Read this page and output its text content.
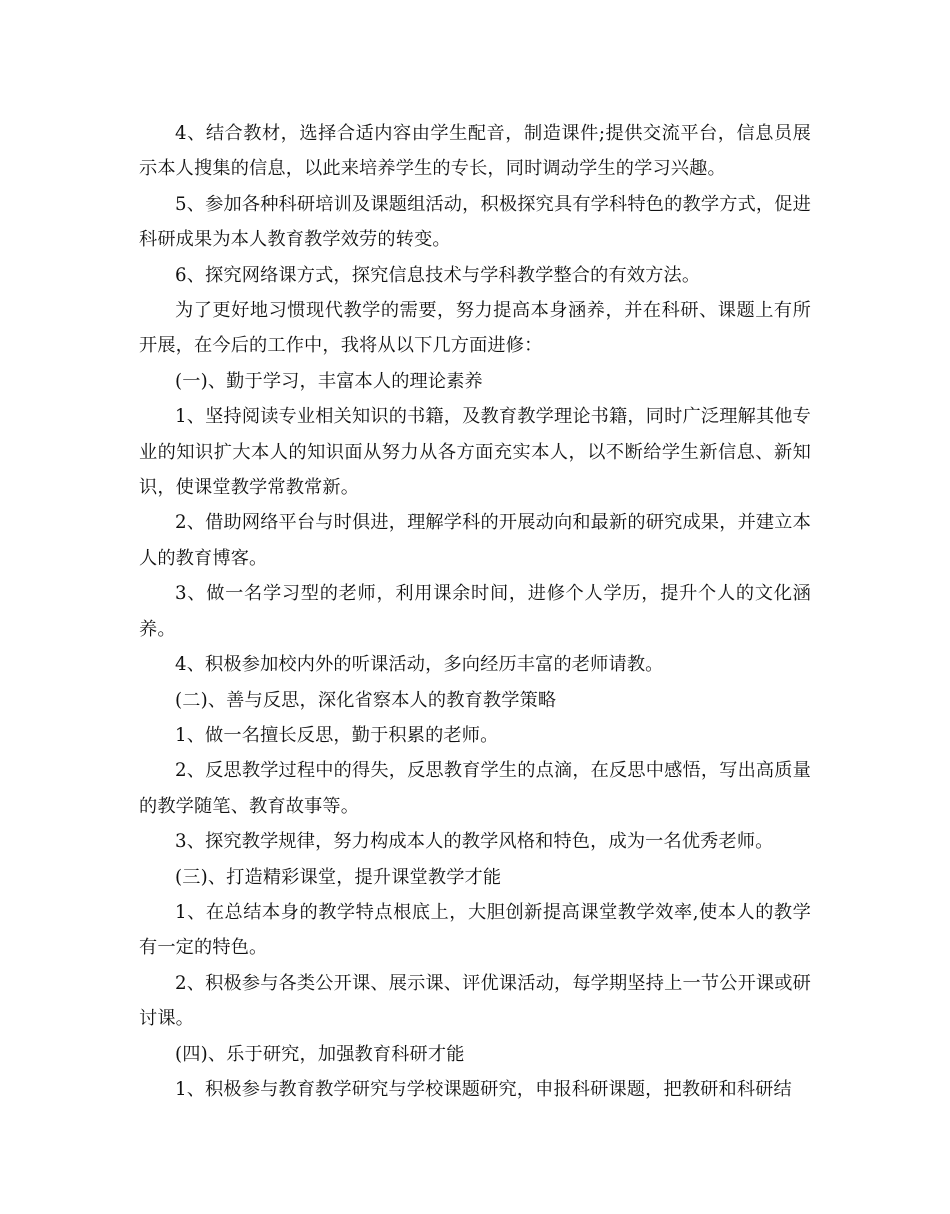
4、结合教材，选择合适内容由学生配音，制造课件;提供交流平台，信息员展示本人搜集的信息，以此来培养学生的专长，同时调动学生的学习兴趣。

5、参加各种科研培训及课题组活动，积极探究具有学科特色的教学方式，促进科研成果为本人教育教学效劳的转变。

6、探究网络课方式，探究信息技术与学科教学整合的有效方法。

为了更好地习惯现代教学的需要，努力提高本身涵养，并在科研、课题上有所开展，在今后的工作中，我将从以下几方面进修：

(一)、勤于学习，丰富本人的理论素养

1、坚持阅读专业相关知识的书籍，及教育教学理论书籍，同时广泛理解其他专业的知识扩大本人的知识面从努力从各方面充实本人，以不断给学生新信息、新知识，使课堂教学常教常新。

2、借助网络平台与时俱进，理解学科的开展动向和最新的研究成果，并建立本人的教育博客。

3、做一名学习型的老师，利用课余时间，进修个人学历，提升个人的文化涵养。

4、积极参加校内外的听课活动，多向经历丰富的老师请教。

(二)、善与反思，深化省察本人的教育教学策略

1、做一名擅长反思，勤于积累的老师。

2、反思教学过程中的得失，反思教育学生的点滴，在反思中感悟，写出高质量的教学随笔、教育故事等。

3、探究教学规律，努力构成本人的教学风格和特色，成为一名优秀老师。

(三)、打造精彩课堂，提升课堂教学才能

1、在总结本身的教学特点根底上，大胆创新提高课堂教学效率,使本人的教学有一定的特色。

2、积极参与各类公开课、展示课、评优课活动，每学期坚持上一节公开课或研讨课。

(四)、乐于研究，加强教育科研才能

1、积极参与教育教学研究与学校课题研究，申报科研课题，把教研和科研结
